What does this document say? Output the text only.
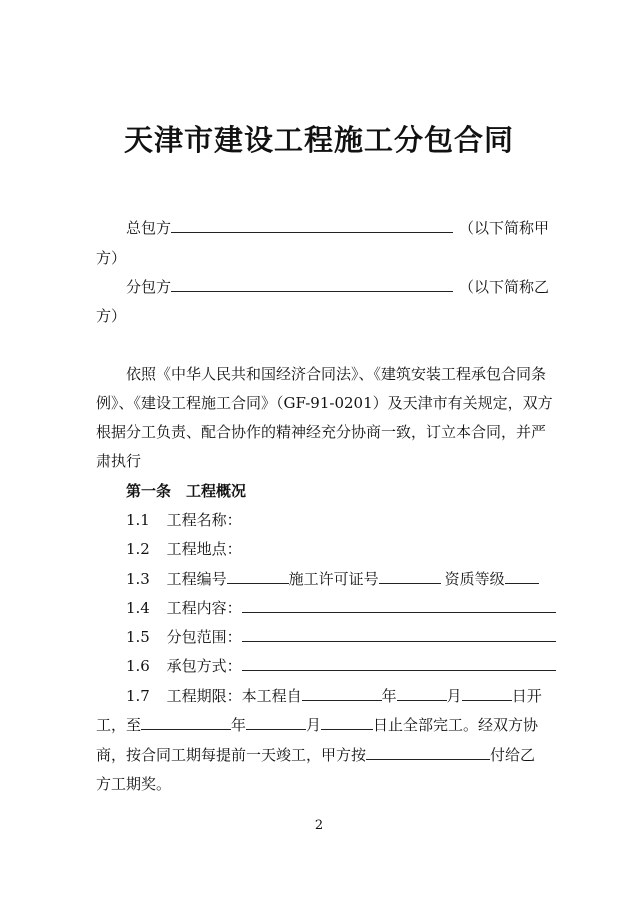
天津市建设工程施工分包合同
总包方	（以下简称甲
方）
分包方	（以下简称乙
方）
依照《中华人民共和国经济合同法》、《建筑安装工程承包合同条
例》、《建设工程施工合同》（GF-91-0201）及天津市有关规定，双方
根据分工负责、配合协作的精神经充分协商一致，订立本合同，并严
肃执行
第一条　工程概况
1.1 工程名称：
1.2 工程地点：
1.3 工程编号	施工许可证号	资质等级
1.4 工程内容：
1.5 分包范围：
1.6 承包方式：
1.7 工程期限：本工程自	年	月	日开
工，至	年	月	日止全部完工。经双方协
商，按合同工期每提前一天竣工，甲方按	付给乙
方工期奖。
2
